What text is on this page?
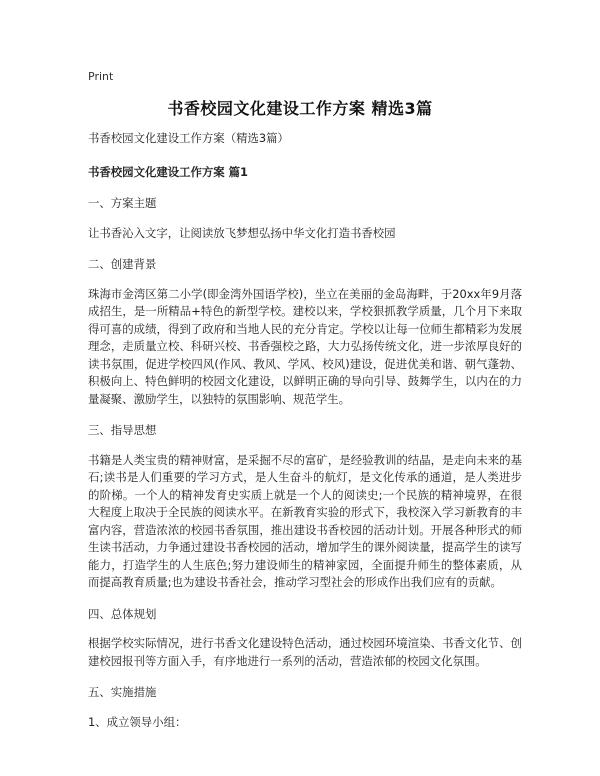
Print
书香校园文化建设工作方案 精选3篇

书香校园文化建设工作方案（精选3篇）

书香校园文化建设工作方案 篇1

一、方案主题

让书香沁入文字，让阅读放飞梦想弘扬中华文化打造书香校园

二、创建背景

珠海市金湾区第二小学(即金湾外国语学校)，坐立在美丽的金岛海畔，于20xx年9月落成招生，是一所精品+特色的新型学校。建校以来，学校狠抓教学质量，几个月下来取得可喜的成绩，得到了政府和当地人民的充分肯定。学校以让每一位师生都精彩为发展理念，走质量立校、科研兴校、书香强校之路，大力弘扬传统文化，进一步浓厚良好的读书氛围，促进学校四风(作风、教风、学风、校风)建设，促进优美和谐、朝气蓬勃、积极向上、特色鲜明的校园文化建设，以鲜明正确的导向引导、鼓舞学生，以内在的力量凝聚、激励学生，以独特的氛围影响、规范学生。

三、指导思想

书籍是人类宝贵的精神财富，是采掘不尽的富矿，是经验教训的结晶，是走向未来的基石;读书是人们重要的学习方式，是人生奋斗的航灯，是文化传承的通道，是人类进步的阶梯。一个人的精神发育史实质上就是一个人的阅读史;一个民族的精神境界，在很大程度上取决于全民族的阅读水平。在新教育实验的形式下，我校深入学习新教育的丰富内容，营造浓浓的校园书香氛围，推出建设书香校园的活动计划。开展各种形式的师生读书活动，力争通过建设书香校园的活动，增加学生的课外阅读量，提高学生的读写能力，打造学生的人生底色;努力建设师生的精神家园，全面提升师生的整体素质，从而提高教育质量;也为建设书香社会，推动学习型社会的形成作出我们应有的贡献。

四、总体规划

根据学校实际情况，进行书香文化建设特色活动，通过校园环境渲染、书香文化节、创建校园报刊等方面入手，有序地进行一系列的活动，营造浓郁的校园文化氛围。

五、实施措施

1、成立领导小组：
